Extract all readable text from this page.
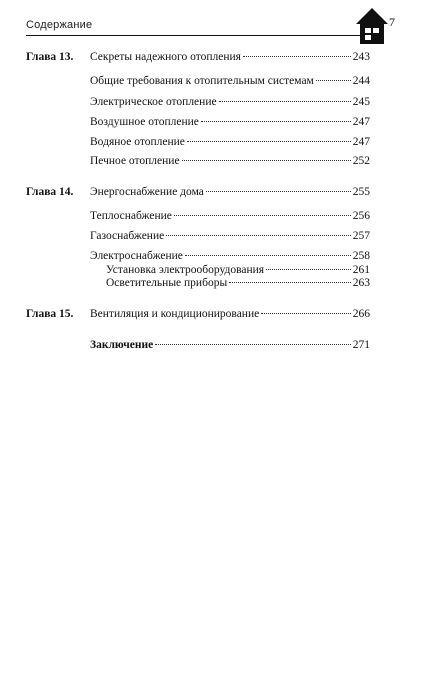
Содержание	7
Глава 13. Секреты надежного отопления	243
Общие требования к отопительным системам	244
Электрическое отопление	245
Воздушное отопление	247
Водяное отопление	247
Печное отопление	252
Глава 14. Энергоснабжение дома	255
Теплоснабжение	256
Газоснабжение	257
Электроснабжение	258
Установка электрооборудования	261
Осветительные приборы	263
Глава 15. Вентиляция и кондиционирование	266
Заключение	271
